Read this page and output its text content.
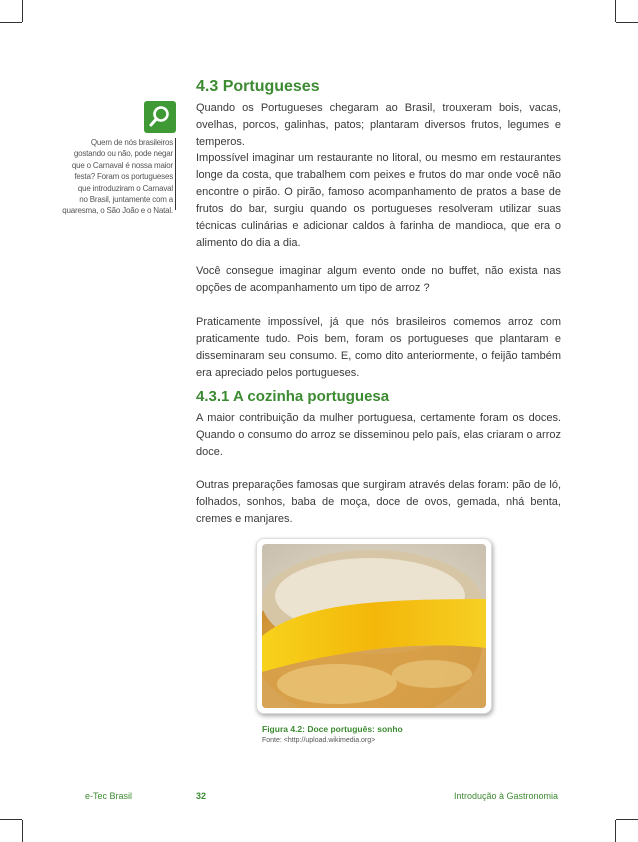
Quem de nós brasileiros
gostando ou não, pode negar
que o Carnaval é nossa maior
festa? Foram os portugueses
que introduziram o Carnaval
no Brasil, juntamente com a
quaresma, o São João e o Natal.
4.3 Portugueses

Quando os Portugueses chegaram ao Brasil, trouxeram bois, vacas, ovelhas, porcos, galinhas, patos; plantaram diversos frutos, legumes e temperos.

Impossível imaginar um restaurante no litoral, ou mesmo em restaurantes longe da costa, que trabalhem com peixes e frutos do mar onde você não encontre o pirão. O pirão, famoso acompanhamento de pratos a base de frutos do bar, surgiu quando os portugueses resolveram utilizar suas técnicas culinárias e adicionar caldos à farinha de mandioca, que era o alimento do dia a dia.

Você consegue imaginar algum evento onde no buffet, não exista nas opções de acompanhamento um tipo de arroz ?

Praticamente impossível, já que nós brasileiros comemos arroz com praticamente tudo. Pois bem, foram os portugueses que plantaram e disseminaram seu consumo. E, como dito anteriormente, o feijão também era apreciado pelos portugueses.

4.3.1 A cozinha portuguesa

A maior contribuição da mulher portuguesa, certamente foram os doces. Quando o consumo do arroz se disseminou pelo país, elas criaram o arroz doce.

Outras preparações famosas que surgiram através delas foram: pão de ló, folhados, sonhos, baba de moça, doce de ovos, gemada, nhá benta, cremes e manjares.

Figura 4.2: Doce português: sonho
Fonte: <http://upload.wikimedia.org>
e-Tec Brasil	32	Introdução à Gastronomia
